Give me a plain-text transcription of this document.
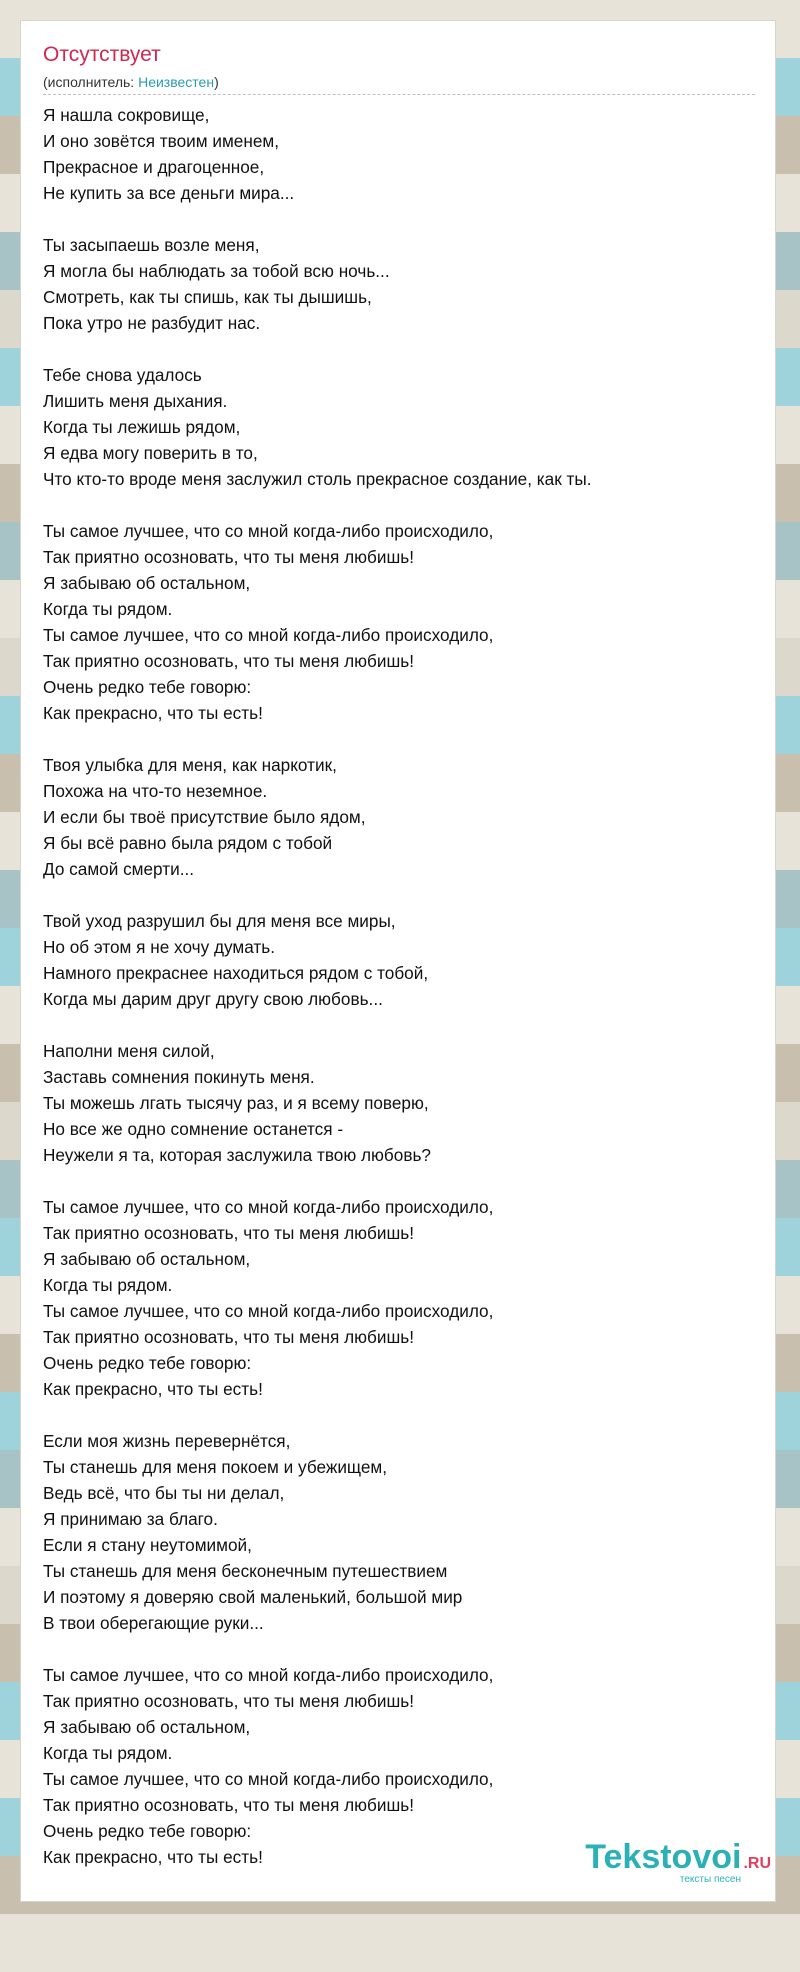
Отсутствует
(исполнитель: Неизвестен)
Я нашла сокровище,
И оно зовётся твоим именем,
Прекрасное и драгоценное,
Не купить за все деньги мира...
Ты засыпаешь возле меня,
Я могла бы наблюдать за тобой всю ночь...
Смотреть, как ты спишь, как ты дышишь,
Пока утро не разбудит нас.
Тебе снова удалось
Лишить меня дыхания.
Когда ты лежишь рядом,
Я едва могу поверить в то,
Что кто-то вроде меня заслужил столь прекрасное создание, как ты.
Ты самое лучшее, что со мной когда-либо происходило,
Так приятно осозновать, что ты меня любишь!
Я забываю об остальном,
Когда ты рядом.
Ты самое лучшее, что со мной когда-либо происходило,
Так приятно осозновать, что ты меня любишь!
Очень редко тебе говорю:
Как прекрасно, что ты есть!
Твоя улыбка для меня, как наркотик,
Похожа на что-то неземное.
И если бы твоё присутствие было ядом,
Я бы всё равно была рядом с тобой
До самой смерти...
Твой уход разрушил бы для меня все миры,
Но об этом я не хочу думать.
Намного прекраснее находиться рядом с тобой,
Когда мы дарим друг другу свою любовь...
Наполни меня силой,
Заставь сомнения покинуть меня.
Ты можешь лгать тысячу раз, и я всему поверю,
Но все же одно сомнение останется -
Неужели я та, которая заслужила твою любовь?
Ты самое лучшее, что со мной когда-либо происходило,
Так приятно осозновать, что ты меня любишь!
Я забываю об остальном,
Когда ты рядом.
Ты самое лучшее, что со мной когда-либо происходило,
Так приятно осозновать, что ты меня любишь!
Очень редко тебе говорю:
Как прекрасно, что ты есть!
Если моя жизнь перевернётся,
Ты станешь для меня покоем и убежищем,
Ведь всё, что бы ты ни делал,
Я принимаю за благо.
Если я стану неутомимой,
Ты станешь для меня бесконечным путешествием
И поэтому я доверяю свой маленький, большой мир
В твои оберегающие руки...
Ты самое лучшее, что со мной когда-либо происходило,
Так приятно осозновать, что ты меня любишь!
Я забываю об остальном,
Когда ты рядом.
Ты самое лучшее, что со мной когда-либо происходило,
Так приятно осозновать, что ты меня любишь!
Очень редко тебе говорю:
Как прекрасно, что ты есть!	Tekstovoi .RU
тексты песен
